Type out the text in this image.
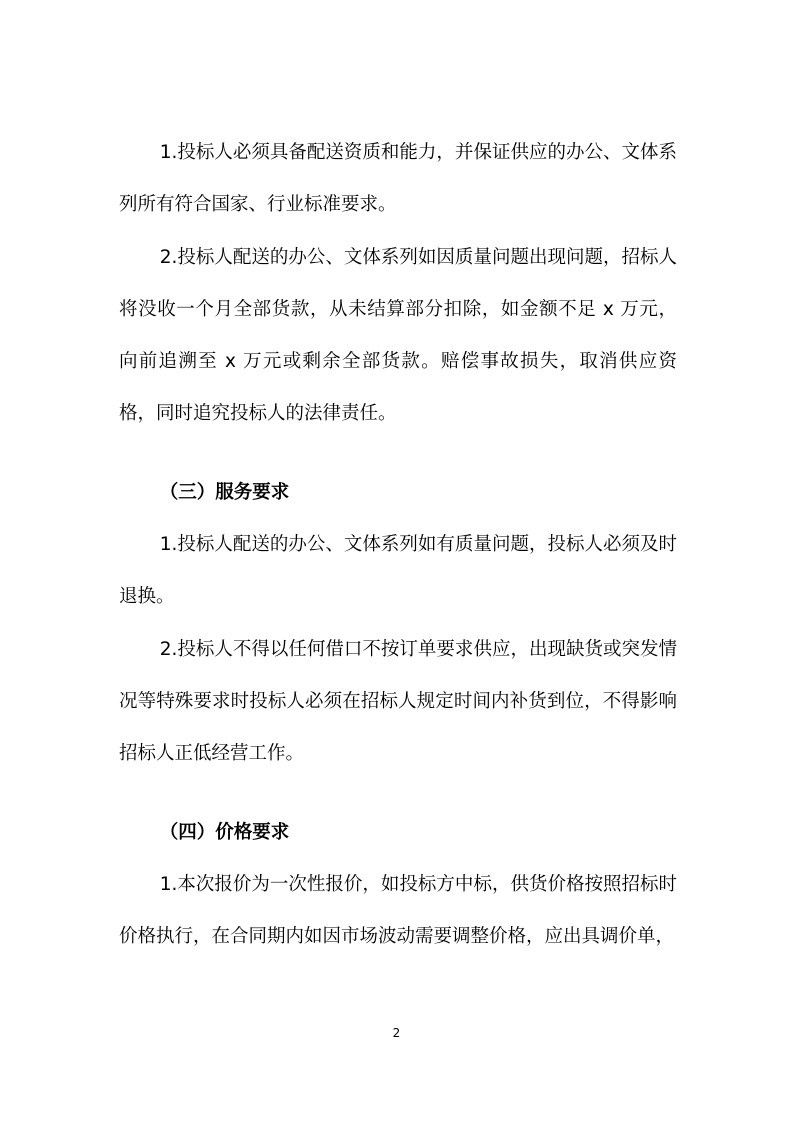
1.投标人必须具备配送资质和能力，并保证供应的办公、文体系列所有符合国家、行业标准要求。

2.投标人配送的办公、文体系列如因质量问题出现问题，招标人将没收一个月全部货款，从未结算部分扣除，如金额不足 x 万元，向前追溯至 x 万元或剩余全部货款。赔偿事故损失，取消供应资格，同时追究投标人的法律责任。

（三）服务要求

1.投标人配送的办公、文体系列如有质量问题，投标人必须及时退换。

2.投标人不得以任何借口不按订单要求供应，出现缺货或突发情况等特殊要求时投标人必须在招标人规定时间内补货到位，不得影响招标人正低经营工作。

（四）价格要求

1.本次报价为一次性报价，如投标方中标，供货价格按照招标时价格执行，在合同期内如因市场波动需要调整价格，应出具调价单，

2
